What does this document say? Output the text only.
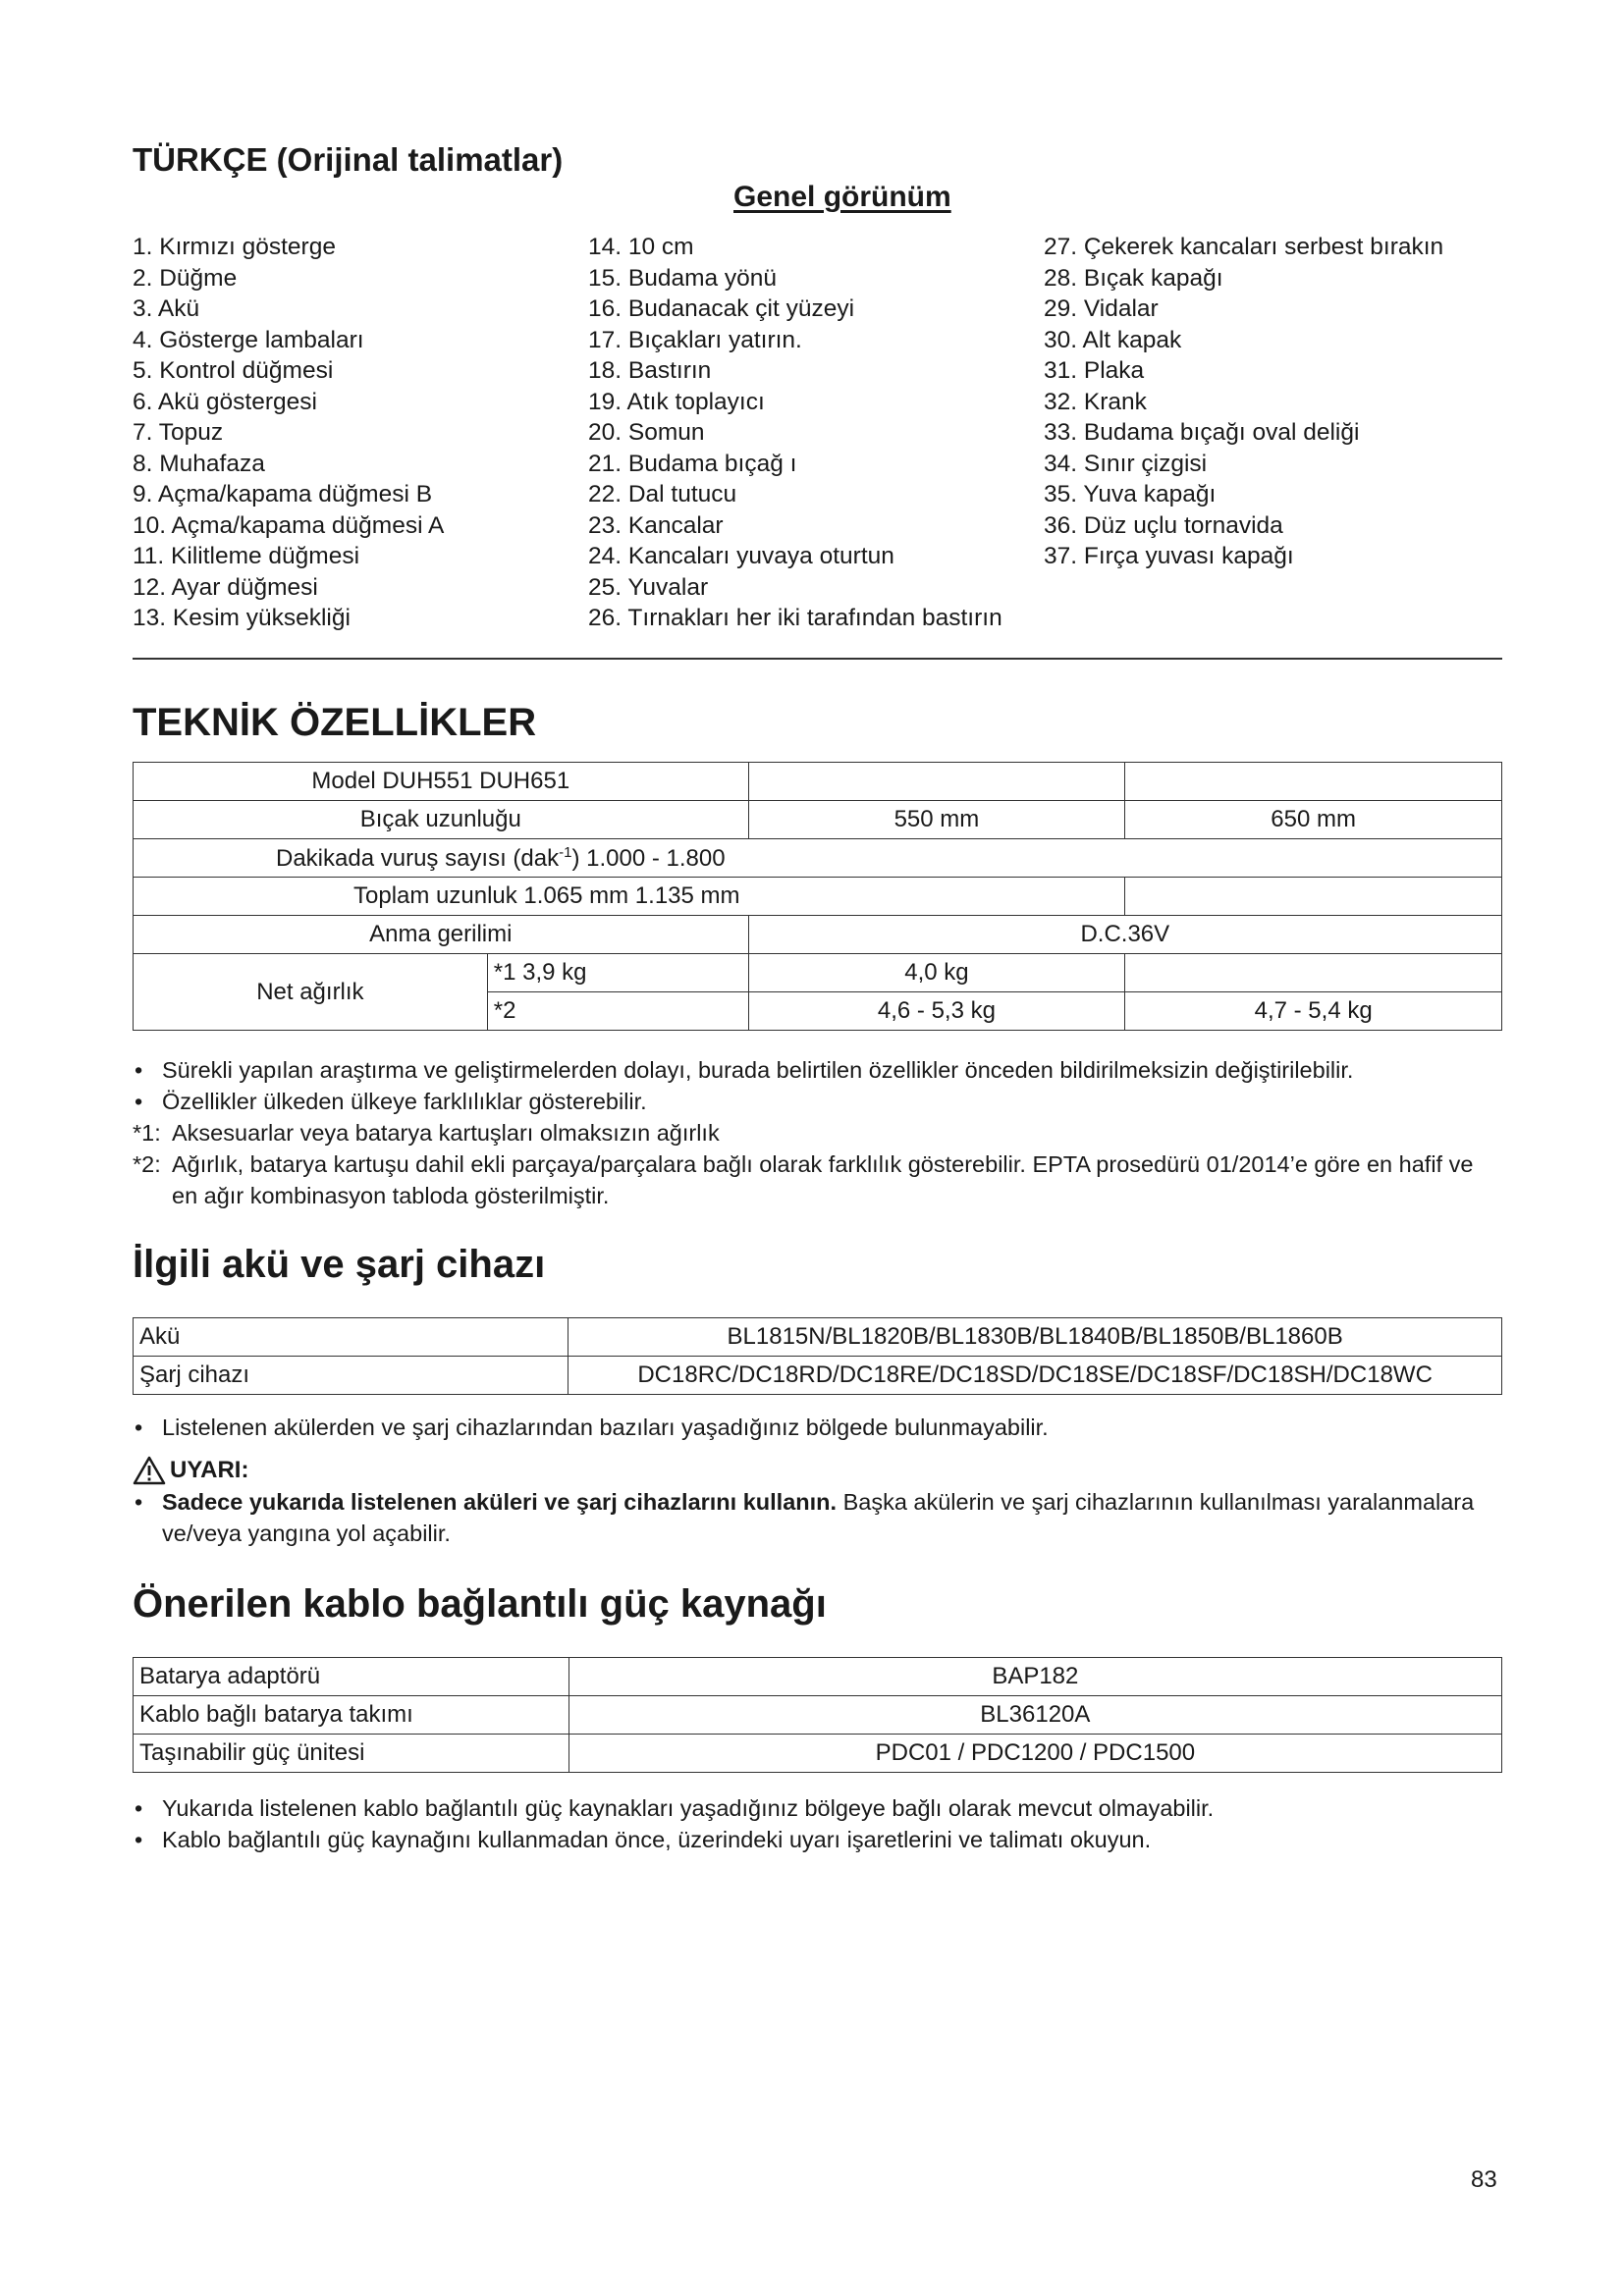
TÜRKÇE (Orijinal talimatlar)
Genel görünüm
1. Kırmızı gösterge
2. Düğme
3. Akü
4. Gösterge lambaları
5. Kontrol düğmesi
6. Akü göstergesi
7. Topuz
8. Muhafaza
9. Açma/kapama düğmesi B
10. Açma/kapama düğmesi A
11. Kilitleme düğmesi
12. Ayar düğmesi
13. Kesim yüksekliği
14. 10 cm
15. Budama yönü
16. Budanacak çit yüzeyi
17. Bıçakları yatırın.
18. Bastırın
19. Atık toplayıcı
20. Somun
21. Budama bıçağ ı
22. Dal tutucu
23. Kancalar
24. Kancaları yuvaya oturtun
25. Yuvalar
26. Tırnakları her iki tarafından bastırın
27. Çekerek kancaları serbest bırakın
28. Bıçak kapağı
29. Vidalar
30. Alt kapak
31. Plaka
32. Krank
33. Budama bıçağı oval deliği
34. Sınır çizgisi
35. Yuva kapağı
36. Düz uçlu tornavida
37. Fırça yuvası kapağı
TEKNİK ÖZELLİKLER
Model DUH551 DUH651			
Bıçak uzunluğu		550 mm	650 mm
Dakikada vuruş sayısı (dak$^{-1}$) 1.000 - 1.800			
Toplam uzunluk 1.065 mm 1.135 mm			
Anma gerilimi		D.C.36V	
Net ağırlık	*1 3,9 kg	4,0 kg	
	*2	4,6 - 5,3 kg	4,7 - 5,4 kg
• Sürekli yapılan araştırma ve geliştirmelerden dolayı, burada belirtilen özellikler önceden bildirilmeksizin değiştirilebilir.
• Özellikler ülkeden ülkeye farklılıklar gösterebilir.
*1: Aksesuarlar veya batarya kartuşları olmaksızın ağırlık
*2: Ağırlık, batarya kartuşu dahil ekli parçaya/parçalara bağlı olarak farklılık gösterebilir. EPTA prosedürü 01/2014’e göre en hafif ve en ağır kombinasyon tabloda gösterilmiştir.
İlgili akü ve şarj cihazı
Akü	BL1815N/BL1820B/BL1830B/BL1840B/BL1850B/BL1860B
Şarj cihazı	DC18RC/DC18RD/DC18RE/DC18SD/DC18SE/DC18SF/DC18SH/DC18WC
• Listelenen akülerden ve şarj cihazlarından bazıları yaşadığınız bölgede bulunmayabilir.
UYARI:
• Sadece yukarıda listelenen aküleri ve şarj cihazlarını kullanın. Başka akülerin ve şarj cihazlarının kullanılması yaralanmalara ve/veya yangına yol açabilir.
Önerilen kablo bağlantılı güç kaynağı
Batarya adaptörü	BAP182
Kablo bağlı batarya takımı	BL36120A
Taşınabilir güç ünitesi	PDC01 / PDC1200 / PDC1500
• Yukarıda listelenen kablo bağlantılı güç kaynakları yaşadığınız bölgeye bağlı olarak mevcut olmayabilir.
• Kablo bağlantılı güç kaynağını kullanmadan önce, üzerindeki uyarı işaretlerini ve talimatı okuyun.
83
